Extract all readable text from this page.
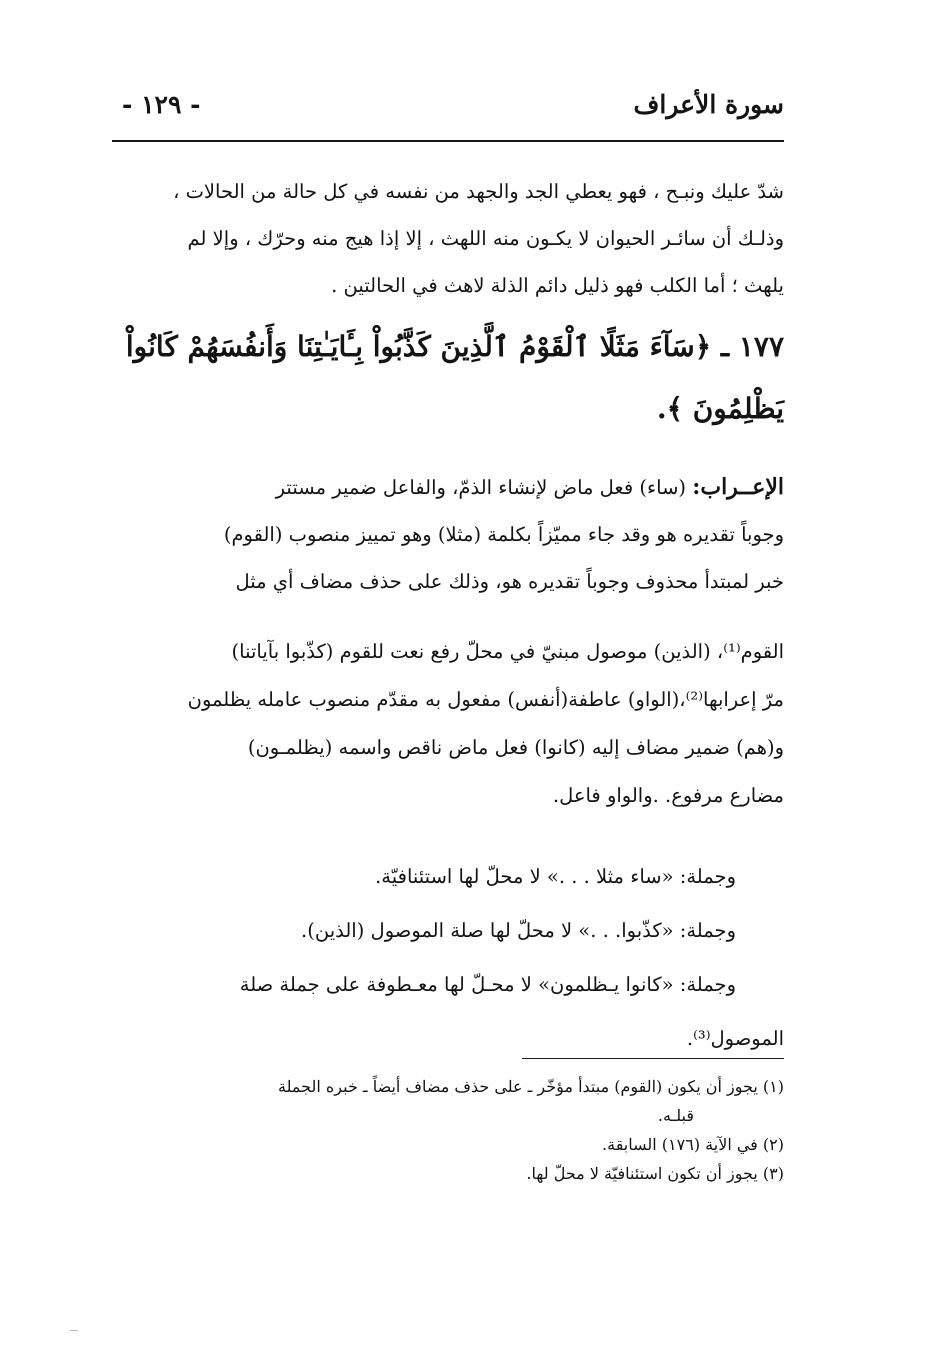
سورة الأعراف
- ١٢٩ -
شدّ عليك ونبـح ، فهو يعطي الجد والجهد من نفسه في كل حالة من الحالات ،
وذلـك أن سائـر الحيوان لا يكـون منه اللهث ، إلا إذا هيج منه وحرّك ، وإلا لم
يلهث ؛ أما الكلب فهو ذليل دائم الذلة لاهث في الحالتين .
١٧٧ ـ ﴿سَآءَ مَثَلًا ٱلْقَوْمُ ٱلَّذِينَ كَذَّبُواْ بِـَٔايَـٰتِنَا وَأَنفُسَهُمْ كَانُواْ
يَظْلِمُونَ ﴾.
الإعــراب: (ساء) فعل ماض لإنشاء الذمّ، والفاعل ضمير مستتر
وجوباً تقديره هو وقد جاء مميّزاً بكلمة (مثلا) وهو تمييز منصوب (القوم)
خبر لمبتدأ محذوف وجوباً تقديره هو، وذلك على حذف مضاف أي مثل
القوم⁽¹⁾، (الذين) موصول مبنيّ في محلّ رفع نعت للقوم (كذّبوا بآياتنا)
مرّ إعرابها⁽²⁾،(الواو) عاطفة(أنفس) مفعول به مقدّم منصوب عامله يظلمون
و(هم) ضمير مضاف إليه (كانوا) فعل ماض ناقص واسمه (يظلمـون)
مضارع مرفوع. .والواو فاعل.
وجملة: «ساء مثلا . . .» لا محلّ لها استئنافيّة.
وجملة: «كذّبوا. . .» لا محلّ لها صلة الموصول (الذين).
وجملة: «كانوا يـظلمون» لا محـلّ لها معـطوفة على جملة صلة
الموصول⁽³⁾.
(١) يجوز أن يكون (القوم) مبتدأ مؤخّر ـ على حذف مضاف أيضاً ـ خبره الجملة
قبلـه.
(٢) في الآية (١٧٦) السابقة.
(٣) يجوز أن تكون استئنافيّة لا محلّ لها.
